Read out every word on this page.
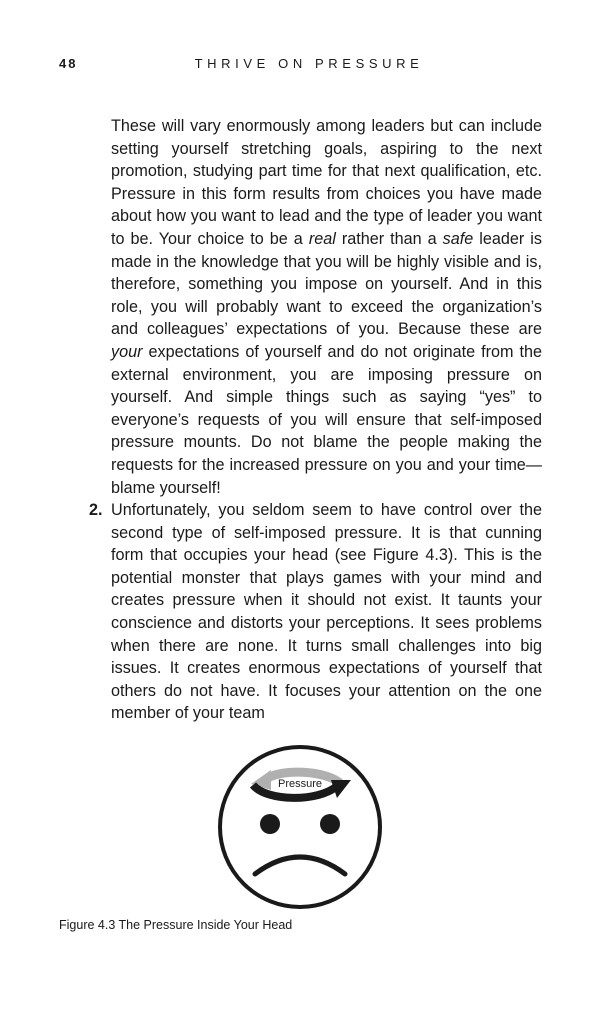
48	THRIVE ON PRESSURE

These will vary enormously among leaders but can include setting yourself stretching goals, aspiring to the next promotion, studying part time for that next qualification, etc. Pressure in this form results from choices you have made about how you want to lead and the type of leader you want to be. Your choice to be a real rather than a safe leader is made in the knowledge that you will be highly visible and is, therefore, something you impose on yourself. And in this role, you will probably want to exceed the organization’s and colleagues’ expectations of you. Because these are your expectations of yourself and do not originate from the external environment, you are imposing pressure on yourself. And simple things such as saying “yes” to everyone’s requests of you will ensure that self-imposed pressure mounts. Do not blame the people making the requests for the increased pressure on you and your time—blame yourself!

2. Unfortunately, you seldom seem to have control over the second type of self-imposed pressure. It is that cunning form that occupies your head (see Figure 4.3). This is the potential monster that plays games with your mind and creates pressure when it should not exist. It taunts your conscience and distorts your perceptions. It sees problems when there are none. It turns small challenges into big issues. It creates enormous expectations of yourself that others do not have. It focuses your attention on the one member of your team

Pressure
Figure 4.3 The Pressure Inside Your Head
